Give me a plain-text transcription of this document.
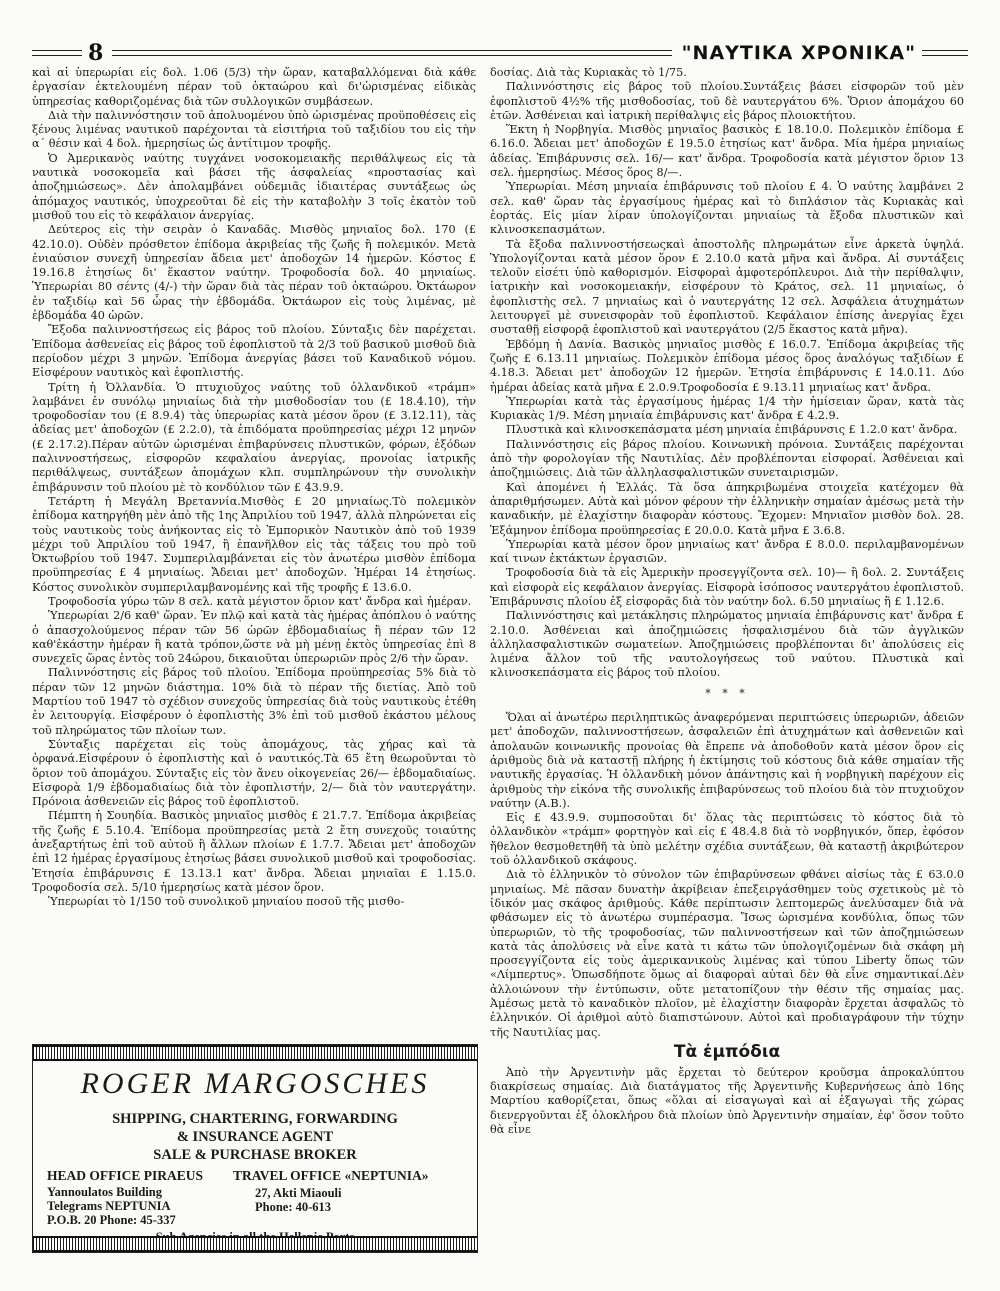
8	"ΝΑΥΤΙΚΑ ΧΡΟΝΙΚΑ"

καὶ αἱ ὑπερωρίαι εἰς δολ. 1.06 (5/3) τὴν ὥραν, καταβαλλόμεναι διὰ κάθε ἐργασίαν ἐκτελουμένη πέραν τοῦ ὀκταώρου καὶ δι'ὡρισμένας εἰδικὰς ὑπηρεσίας καθοριζομένας διὰ τῶν συλλογικῶν συμβάσεων.

Διὰ τὴν παλιννόστησιν τοῦ ἀπολυομένου ὑπὸ ὡρισμένας προϋποθέσεις εἰς ξένους λιμένας ναυτικοῦ παρέχονται τὰ εἰσιτήρια τοῦ ταξιδίου του εἰς τὴν α΄ θέσιν καὶ 4 δολ. ἡμερησίως ὡς ἀντίτιμον τροφῆς.

Ὁ Ἀμερικανὸς ναύτης τυγχάνει νοσοκομειακῆς περιθάλψεως εἰς τὰ ναυτικὰ νοσοκομεῖα καὶ βάσει τῆς ἀσφαλείας «προστασίας καὶ ἀποζημιώσεως». Δὲν ἀπολαμβάνει οὐδεμιᾶς ἰδιαιτέρας συντάξεως ὡς ἀπόμαχος ναυτικός, ὑποχρεοῦται δὲ εἰς τὴν καταβολὴν 3 τοῖς ἑκατὸν τοῦ μισθοῦ του εἰς τὸ κεφάλαιον ἀνεργίας.

Δεύτερος εἰς τὴν σειρὰν ὁ Καναδᾶς. Μισθὸς μηνιαῖος δολ. 170 (£ 42.10.0). Οὐδὲν πρόσθετον ἐπίδομα ἀκριβείας τῆς ζωῆς ἢ πολεμικόν. Μετὰ ἐνιαύσιον συνεχῆ ὑπηρεσίαν ἄδεια μετ' ἀποδοχῶν 14 ἡμερῶν. Κόστος £ 19.16.8 ἐτησίως δι' ἕκαστον ναύτην. Τροφοδοσία δολ. 40 μηνιαίως. Ὑπερωρίαι 80 σέντς (4/-) τὴν ὥραν διὰ τὰς πέραν τοῦ ὀκταώρου. Ὀκτάωρον ἐν ταξιδίῳ καὶ 56 ὧρας τὴν ἑβδομάδα. Ὀκτάωρον εἰς τοὺς λιμένας, μὲ ἑβδομάδα 40 ὡρῶν.

Ἔξοδα παλιννοστήσεως εἰς βάρος τοῦ πλοίου. Σύνταξις δὲν παρέχεται. Ἐπίδομα ἀσθενείας εἰς βάρος τοῦ ἐφοπλιστοῦ τὰ 2/3 τοῦ βασικοῦ μισθοῦ διὰ περίοδον μέχρι 3 μηνῶν. Ἐπίδομα ἀνεργίας βάσει τοῦ Καναδικοῦ νόμου. Εἰσφέρουν ναυτικὸς καὶ ἐφοπλιστής.

Τρίτη ἡ Ὀλλανδία. Ὁ πτυχιοῦχος ναύτης τοῦ ὀλλανδικοῦ «τράμπ» λαμβάνει ἐν συνόλῳ μηνιαίως διὰ τὴν μισθοδοσίαν του (£ 18.4.10), τὴν τροφοδοσίαν του (£ 8.9.4) τὰς ὑπερωρίας κατὰ μέσον ὅρον (£ 3.12.11), τὰς ἀδείας μετ' ἀποδοχῶν (£ 2.2.0), τὰ ἐπιδόματα προϋπηρεσίας μέχρι 12 μηνῶν (£ 2.17.2).Πέραν αὐτῶν ὡρισμέναι ἐπιβαρύνσεις πλυστικῶν, φόρων, ἐξόδων παλιννοστήσεως, εἰσφορῶν κεφαλαίου ἀνεργίας, προνοίας ἰατρικῆς περιθάλψεως, συντάξεων ἀπομάχων κλπ. συμπληρώνουν τὴν συνολικὴν ἐπιβάρυνσιν τοῦ πλοίου μὲ τὸ κονδύλιον τῶν £ 43.9.9.

Τετάρτη ἡ Μεγάλη Βρεταννία.Μισθὸς £ 20 μηνιαίως.Τὸ πολεμικὸν ἐπίδομα κατηργήθη μὲν ἀπὸ τῆς 1ης Ἀπριλίου τοῦ 1947, ἀλλὰ πληρώνεται εἰς τοὺς ναυτικοὺς τοὺς ἀνήκοντας εἰς τὸ Ἐμπορικὸν Ναυτικὸν ἀπὸ τοῦ 1939 μέχρι τοῦ Ἀπριλίου τοῦ 1947, ἢ ἐπανῆλθον εἰς τὰς τάξεις του πρὸ τοῦ Ὀκτωβρίου τοῦ 1947. Συμπεριλαμβάνεται εἰς τὸν ἀνωτέρω μισθὸν ἐπίδομα προϋπηρεσίας £ 4 μηνιαίως. Ἄδειαι μετ' ἀποδοχῶν. Ἡμέραι 14 ἐτησίως. Κόστος συνολικὸν συμπεριλαμβανομένης καὶ τῆς τροφῆς £ 13.6.0.

Τροφοδοσία γύρω τῶν 8 σελ. κατὰ μέγιστον ὅριον κατ' ἄνδρα καὶ ἡμέραν.

Ὑπερωρίαι 2/6 καθ' ὥραν. Ἐν πλῷ καὶ κατὰ τὰς ἡμέρας ἀπόπλου ὁ ναύτης ὁ ἀπασχολούμενος πέραν τῶν 56 ὡρῶν ἑβδομαδιαίως ἢ πέραν τῶν 12 καθ'ἑκάστην ἡμέραν ἢ κατὰ τρόπον,ὥστε νὰ μὴ μένῃ ἐκτὸς ὑπηρεσίας ἐπὶ 8 συνεχεῖς ὥρας ἐντὸς τοῦ 24ώρου, δικαιοῦται ὑπερωριῶν πρὸς 2/6 τὴν ὥραν.

Παλιννόστησις εἰς βάρος τοῦ πλοίου. Ἐπίδομα προϋπηρεσίας 5% διὰ τὸ πέραν τῶν 12 μηνῶν διάστημα. 10% διὰ τὸ πέραν τῆς διετίας. Ἀπὸ τοῦ Μαρτίου τοῦ 1947 τὸ σχέδιον συνεχοῦς ὑπηρεσίας διὰ τοὺς ναυτικοὺς ἐτέθη ἐν λειτουργίᾳ. Εἰσφέρουν ὁ ἐφοπλιστὴς 3% ἐπὶ τοῦ μισθοῦ ἑκάστου μέλους τοῦ πληρώματος τῶν πλοίων των.

Σύνταξις παρέχεται εἰς τοὺς ἀπομάχους, τὰς χήρας καὶ τὰ ὀρφανά.Εἰσφέρουν ὁ ἐφοπλιστὴς καὶ ὁ ναυτικός.Τὰ 65 ἔτη θεωροῦνται τὸ ὅριον τοῦ ἀπομάχου. Σύνταξις εἰς τὸν ἄνευ οἰκογενείας 26/— ἑβδομαδιαίως. Εἰσφορὰ 1/9 ἑβδομαδιαίως διὰ τὸν ἐφοπλιστήν, 2/— διὰ τὸν ναυτεργάτην. Πρόνοια ἀσθενειῶν εἰς βάρος τοῦ ἐφοπλιστοῦ.

Πέμπτη ἡ Σουηδία. Βασικὸς μηνιαῖος μισθὸς £ 21.7.7. Ἐπίδομα ἀκριβείας τῆς ζωῆς £ 5.10.4. Ἐπίδομα προϋπηρεσίας μετὰ 2 ἔτη συνεχοῦς τοιαύτης ἀνεξαρτήτως ἐπὶ τοῦ αὐτοῦ ἢ ἄλλων πλοίων £ 1.7.7. Ἄδειαι μετ' ἀποδοχῶν ἐπὶ 12 ἡμέρας ἐργασίμους ἐτησίως βάσει συνολικοῦ μισθοῦ καὶ τροφοδοσίας. Ἐτησία ἐπιβάρυνσις £ 13.13.1 κατ' ἄνδρα. Ἄδειαι μηνιαῖαι £ 1.15.0. Τροφοδοσία σελ. 5/10 ἡμερησίως κατὰ μέσον ὅρον.

Ὑπερωρίαι τὸ 1/150 τοῦ συνολικοῦ μηνιαίου ποσοῦ τῆς μισθο-

ROGER MARGOSCHES
SHIPPING, CHARTERING, FORWARDING
& INSURANCE AGENT
SALE & PURCHASE BROKER
HEAD OFFICE PIRAEUS
Yannoulatos Building
Telegrams NEPTUNIA
P.O.B. 20 Phone: 45-337
TRAVEL OFFICE «NEPTUNIA»
27, Akti Miaouli
Phone: 40-613

δοσίας. Διὰ τὰς Κυριακὰς τὸ 1/75.

Παλιννόστησις εἰς βάρος τοῦ πλοίου.Συντάξεις βάσει εἰσφορῶν τοῦ μὲν ἐφοπλιστοῦ 4½% τῆς μισθοδοσίας, τοῦ δὲ ναυτεργάτου 6%. Ὅριον ἀπομάχου 60 ἐτῶν. Ἀσθένειαι καὶ ἰατρικὴ περίθαλψις εἰς βάρος πλοιοκτήτου.

Ἕκτη ἡ Νορβηγία. Μισθὸς μηνιαῖος βασικὸς £ 18.10.0. Πολεμικὸν ἐπίδομα £ 6.16.0. Ἄδειαι μετ' ἀποδοχῶν £ 19.5.0 ἐτησίως κατ' ἄνδρα. Μία ἡμέρα μηνιαίως ἀδείας. Ἐπιβάρυνσις σελ. 16/— κατ' ἄνδρα. Τροφοδοσία κατὰ μέγιστον ὅριον 13 σελ. ἡμερησίως. Μέσος ὅρος 8/—.

Ὑπερωρίαι. Μέση μηνιαία ἐπιβάρυνσις τοῦ πλοίου £ 4. Ὁ ναύτης λαμβάνει 2 σελ. καθ' ὥραν τὰς ἐργασίμους ἡμέρας καὶ τὸ διπλάσιον τὰς Κυριακὰς καὶ ἑορτάς. Εἰς μίαν λίραν ὑπολογίζονται μηνιαίως τὰ ἔξοδα πλυστικῶν καὶ κλινοσκεπασμάτων.

Τὰ ἔξοδα παλιννοστήσεωςκαὶ ἀποστολῆς πληρωμάτων εἶνε ἀρκετὰ ὑψηλά. Ὑπολογίζονται κατὰ μέσον ὅρον £ 2.10.0 κατὰ μῆνα καὶ ἄνδρα. Αἱ συντάξεις τελοῦν εἰσέτι ὑπὸ καθορισμόν. Εἰσφοραὶ ἀμφοτερόπλευροι. Διὰ τὴν περίθαλψιν, ἰατρικὴν καὶ νοσοκομειακήν, εἰσφέρουν τὸ Κράτος, σελ. 11 μηνιαίως, ὁ ἐφοπλιστὴς σελ. 7 μηνιαίως καὶ ὁ ναυτεργάτης 12 σελ. Ἀσφάλεια ἀτυχημάτων λειτουργεῖ μὲ συνεισφορὰν τοῦ ἐφοπλιστοῦ. Κεφάλαιον ἐπίσης ἀνεργίας ἔχει συσταθῇ εἰσφορᾷ ἐφοπλιστοῦ καὶ ναυτεργάτου (2/5 ἕκαστος κατὰ μῆνα).

Ἑβδόμη ἡ Δανία. Βασικὸς μηνιαῖος μισθὸς £ 16.0.7. Ἐπίδομα ἀκριβείας τῆς ζωῆς £ 6.13.11 μηνιαίως. Πολεμικὸν ἐπίδομα μέσος ὅρος ἀναλόγως ταξιδίων £ 4.18.3. Ἄδειαι μετ' ἀποδοχῶν 12 ἡμερῶν. Ἐτησία ἐπιβάρυνσις £ 14.0.11. Δύο ἡμέραι ἀδείας κατὰ μῆνα £ 2.0.9.Τροφοδοσία £ 9.13.11 μηνιαίως κατ' ἄνδρα.

Ὑπερωρίαι κατὰ τὰς ἐργασίμους ἡμέρας 1/4 τὴν ἡμίσειαν ὥραν, κατὰ τὰς Κυριακὰς 1/9. Μέση μηνιαία ἐπιβάρυνσις κατ' ἄνδρα £ 4.2.9.

Πλυστικὰ καὶ κλινοσκεπάσματα μέση μηνιαία ἐπιβάρυνσις £ 1.2.0 κατ' ἄνδρα.

Παλιννόστησις εἰς βάρος πλοίου. Κοινωνικὴ πρόνοια. Συντάξεις παρέχονται ἀπὸ τὴν φορολογίαν τῆς Ναυτιλίας. Δὲν προβλέπονται εἰσφοραί. Ἀσθένειαι καὶ ἀποζημιώσεις. Διὰ τῶν ἀλληλασφαλιστικῶν συνεταιρισμῶν.

Καὶ ἀπομένει ἡ Ἑλλάς. Τὰ ὅσα ἀπηκριβωμένα στοιχεῖα κατέχομεν θὰ ἀπαριθμήσωμεν. Αὐτὰ καὶ μόνον φέρουν τὴν ἑλληνικὴν σημαίαν ἀμέσως μετὰ τὴν καναδικήν, μὲ ἐλαχίστην διαφορὰν κόστους. Ἔχομεν: Μηνιαῖον μισθὸν δολ. 28. Ἑξάμηνον ἐπίδομα προϋπηρεσίας £ 20.0.0. Κατὰ μῆνα £ 3.6.8.

Ὑπερωρίαι κατὰ μέσον ὅρον μηνιαίως κατ' ἄνδρα £ 8.0.0. περιλαμβανομένων καί τινων ἐκτάκτων ἐργασιῶν.

Τροφοδοσία διὰ τὰ εἰς Ἀμερικὴν προσεγγίζοντα σελ. 10)— ἢ δολ. 2. Συντάξεις καὶ εἰσφορὰ εἰς κεφάλαιον ἀνεργίας. Εἰσφορὰ ἰσόποσος ναυτεργάτου ἐφοπλιστοῦ. Ἐπιβάρυνσις πλοίου ἐξ εἰσφορᾶς διὰ τὸν ναύτην δολ. 6.50 μηνιαίως ἢ £ 1.12.6.

Παλιννόστησις καὶ μετάκλησις πληρώματος μηνιαία ἐπιβάρυνσις κατ' ἄνδρα £ 2.10.0. Ἀσθένειαι καὶ ἀποζημιώσεις ἠσφαλισμένου διὰ τῶν ἀγγλικῶν ἀλληλασφαλιστικῶν σωματείων. Ἀποζημιώσεις προβλέπονται δι' ἀπολύσεις εἰς λιμένα ἄλλον τοῦ τῆς ναυτολογήσεως τοῦ ναύτου. Πλυστικὰ καὶ κλινοσκεπάσματα εἰς βάρος τοῦ πλοίου.

* * *

Ὅλαι αἱ ἀνωτέρω περιληπτικῶς ἀναφερόμεναι περιπτώσεις ὑπερωριῶν, ἀδειῶν μετ' ἀποδοχῶν, παλιννοστήσεων, ἀσφαλειῶν ἐπὶ ἀτυχημάτων καὶ ἀσθενειῶν καὶ ἀπολαυῶν κοινωνικῆς προνοίας θὰ ἔπρεπε νὰ ἀποδοθοῦν κατὰ μέσον ὅρον εἰς ἀριθμοὺς διὰ νὰ καταστῇ πλήρης ἡ ἐκτίμησις τοῦ κόστους διὰ κάθε σημαίαν τῆς ναυτικῆς ἐργασίας. Ἡ ὀλλανδικὴ μόνον ἀπάντησις καὶ ἡ νορβηγικὴ παρέχουν εἰς ἀριθμοὺς τὴν εἰκόνα τῆς συνολικῆς ἐπιβαρύνσεως τοῦ πλοίου διὰ τὸν πτυχιοῦχον ναύτην (Α.Β.).

Εἰς £ 43.9.9. συμποσοῦται δι' ὅλας τὰς περιπτώσεις τὸ κόστος διὰ τὸ ὀλλανδικὸν «τράμπ» φορτηγὸν καὶ εἰς £ 48.4.8 διὰ τὸ νορβηγικόν, ὅπερ, ἐφόσον ἤθελον θεσμοθετηθῆ τὰ ὑπὸ μελέτην σχέδια συντάξεων, θὰ καταστῇ ἀκριβώτερον τοῦ ὀλλανδικοῦ σκάφους.

Διὰ τὸ ἑλληνικὸν τὸ σύνολον τῶν ἐπιβαρύνσεων φθάνει αἰσίως τὰς £ 63.0.0 μηνιαίως. Μὲ πᾶσαν δυνατὴν ἀκρίβειαν ἐπεξειργάσθημεν τοὺς σχετικοὺς μὲ τὸ ἰδικόν μας σκάφος ἀριθμούς. Κάθε περίπτωσιν λεπτομερῶς ἀνελύσαμεν διὰ νὰ φθάσωμεν εἰς τὸ ἀνωτέρω συμπέρασμα. Ἴσως ὡρισμένα κονδύλια, ὅπως τῶν ὑπερωριῶν, τὸ τῆς τροφοδοσίας, τῶν παλιννοστήσεων καὶ τῶν ἀποζημιώσεων κατὰ τὰς ἀπολύσεις νὰ εἶνε κατὰ τι κάτω τῶν ὑπολογιζομένων διὰ σκάφη μὴ προσεγγίζοντα εἰς τοὺς ἀμερικανικοὺς λιμένας καὶ τύπου Liberty ὅπως τῶν «Λίμπερτυς». Ὁπωσδήποτε ὅμως αἱ διαφοραὶ αὐταὶ δὲν θὰ εἶνε σημαντικαί.Δὲν ἀλλοιώνουν τὴν ἐντύπωσιν, οὔτε μετατοπίζουν τὴν θέσιν τῆς σημαίας μας. Ἀμέσως μετὰ τὸ καναδικὸν πλοῖον, μὲ ἐλαχίστην διαφορὰν ἔρχεται ἀσφαλῶς τὸ ἑλληνικόν. Οἱ ἀριθμοὶ αὐτὸ διαπιστώνουν. Αὐτοὶ καὶ προδιαγράφουν τὴν τύχην τῆς Ναυτιλίας μας.

Τὰ ἐμπόδια

Ἀπὸ τὴν Ἀργεντινὴν μᾶς ἔρχεται τὸ δεύτερον κροῦσμα ἀπροκαλύπτου διακρίσεως σημαίας. Διὰ διατάγματος τῆς Ἀργεντινῆς Κυβερνήσεως ἀπὸ 16ης Μαρτίου καθορίζεται, ὅπως «ὅλαι αἱ εἰσαγωγαὶ καὶ αἱ ἐξαγωγαὶ τῆς χώρας διενεργοῦνται ἐξ ὁλοκλήρου διὰ πλοίων ὑπὸ Ἀργεντινὴν σημαίαν, ἐφ' ὅσον τοῦτο θὰ εἶνε
